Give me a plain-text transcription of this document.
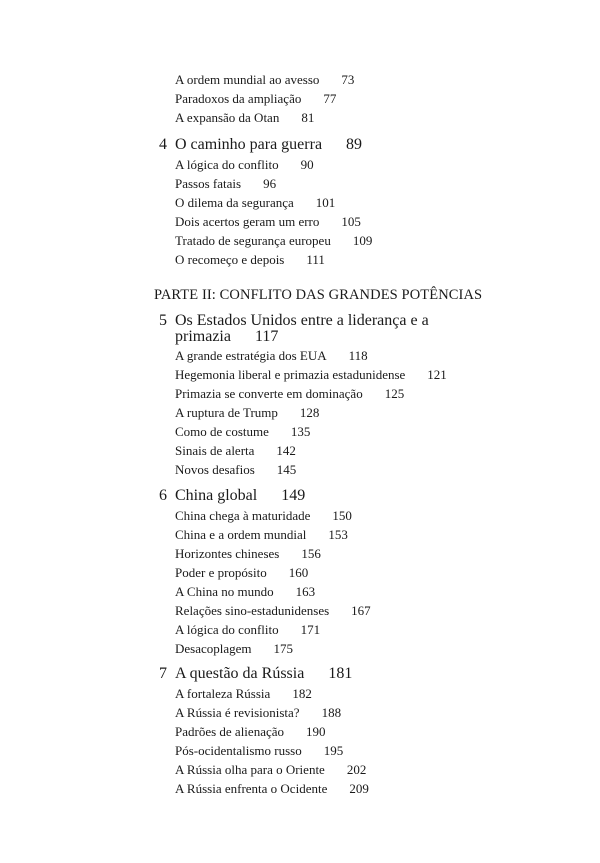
A ordem mundial ao avesso 73
Paradoxos da ampliação 77
A expansão da Otan 81
4 O caminho para guerra 89
A lógica do conflito 90
Passos fatais 96
O dilema da segurança 101
Dois acertos geram um erro 105
Tratado de segurança europeu 109
O recomeço e depois 111
PARTE II: CONFLITO DAS GRANDES POTÊNCIAS
5 Os Estados Unidos entre a liderança e a
primazia 117
A grande estratégia dos EUA 118
Hegemonia liberal e primazia estadunidense 121
Primazia se converte em dominação 125
A ruptura de Trump 128
Como de costume 135
Sinais de alerta 142
Novos desafios 145
6 China global 149
China chega à maturidade 150
China e a ordem mundial 153
Horizontes chineses 156
Poder e propósito 160
A China no mundo 163
Relações sino-estadunidenses 167
A lógica do conflito 171
Desacoplagem 175
7 A questão da Rússia 181
A fortaleza Rússia 182
A Rússia é revisionista? 188
Padrões de alienação 190
Pós-ocidentalismo russo 195
A Rússia olha para o Oriente 202
A Rússia enfrenta o Ocidente 209
